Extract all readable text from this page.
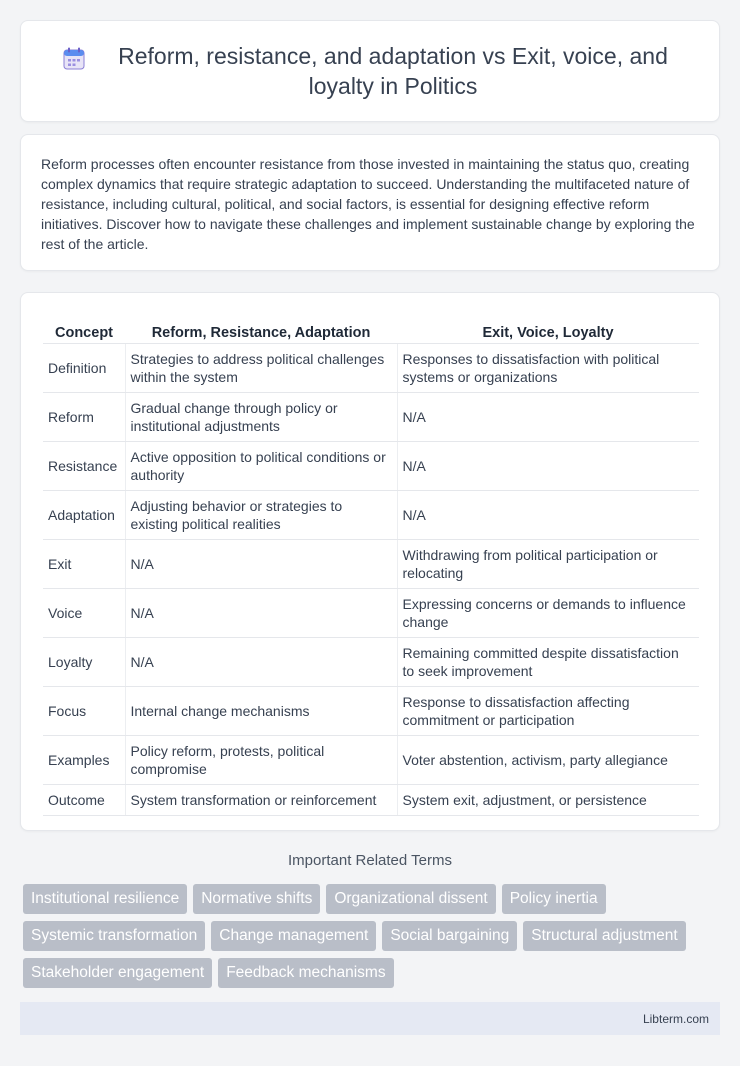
Reform, resistance, and adaptation vs Exit, voice, and loyalty in Politics

Reform processes often encounter resistance from those invested in maintaining the status quo, creating complex dynamics that require strategic adaptation to succeed. Understanding the multifaceted nature of resistance, including cultural, political, and social factors, is essential for designing effective reform initiatives. Discover how to navigate these challenges and implement sustainable change by exploring the rest of the article.

Concept	Reform, Resistance, Adaptation	Exit, Voice, Loyalty
Definition	Strategies to address political challenges within the system	Responses to dissatisfaction with political systems or organizations
Reform	Gradual change through policy or institutional adjustments	N/A
Resistance	Active opposition to political conditions or authority	N/A
Adaptation	Adjusting behavior or strategies to existing political realities	N/A
Exit	N/A	Withdrawing from political participation or relocating
Voice	N/A	Expressing concerns or demands to influence change
Loyalty	N/A	Remaining committed despite dissatisfaction to seek improvement
Focus	Internal change mechanisms	Response to dissatisfaction affecting commitment or participation
Examples	Policy reform, protests, political compromise	Voter abstention, activism, party allegiance
Outcome	System transformation or reinforcement	System exit, adjustment, or persistence
Important Related Terms
Institutional resilience	Normative shifts	Organizational dissent	Policy inertia
Systemic transformation	Change management	Social bargaining	Structural adjustment
Stakeholder engagement	Feedback mechanisms
Libterm.com
